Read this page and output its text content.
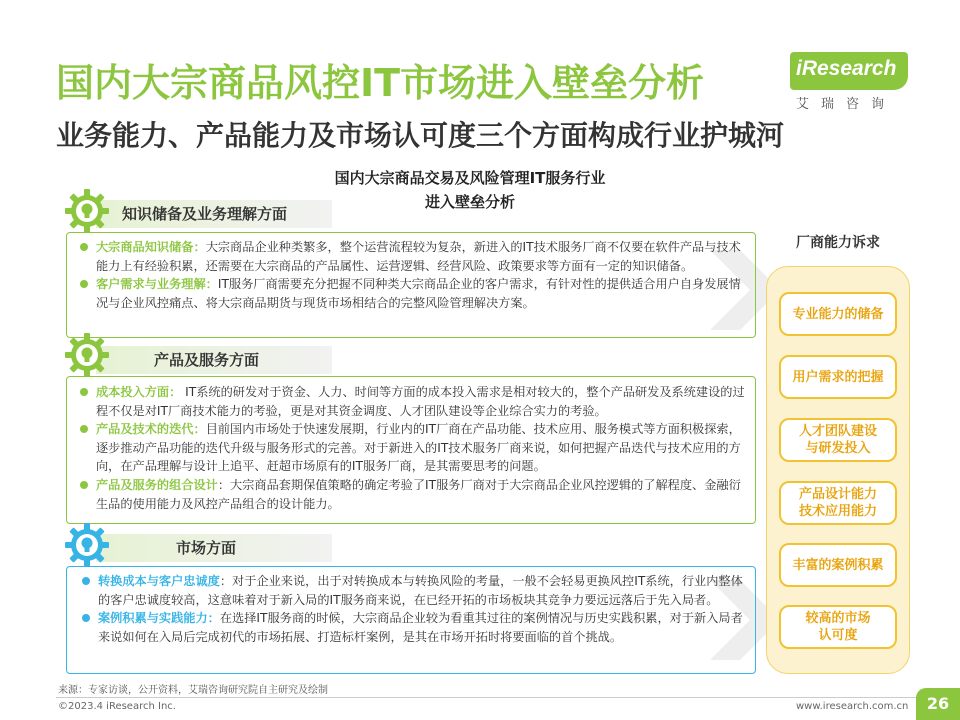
国内大宗商品风控IT市场进入壁垒分析
业务能力、产品能力及市场认可度三个方面构成行业护城河
iResearch
艾瑞咨询
国内大宗商品交易及风险管理IT服务行业
进入壁垒分析
知识储备及业务理解方面
大宗商品知识储备：大宗商品企业种类繁多，整个运营流程较为复杂，新进入的IT技术服务厂商不仅要在软件产品与技术能力上有经验积累，还需要在大宗商品的产品属性、运营逻辑、经营风险、政策要求等方面有一定的知识储备。
客户需求与业务理解：IT服务厂商需要充分把握不同种类大宗商品企业的客户需求，有针对性的提供适合用户自身发展情况与企业风控痛点、将大宗商品期货与现货市场相结合的完整风险管理解决方案。
产品及服务方面
成本投入方面： IT系统的研发对于资金、人力、时间等方面的成本投入需求是相对较大的，整个产品研发及系统建设的过程不仅是对IT厂商技术能力的考验，更是对其资金调度、人才团队建设等企业综合实力的考验。
产品及技术的迭代：目前国内市场处于快速发展期，行业内的IT厂商在产品功能、技术应用、服务模式等方面积极探索，逐步推动产品功能的迭代升级与服务形式的完善。对于新进入的IT技术服务厂商来说，如何把握产品迭代与技术应用的方向，在产品理解与设计上追平、赶超市场原有的IT服务厂商，是其需要思考的问题。
产品及服务的组合设计：大宗商品套期保值策略的确定考验了IT服务厂商对于大宗商品企业风控逻辑的了解程度、金融衍生品的使用能力及风控产品组合的设计能力。
市场方面
转换成本与客户忠诚度：对于企业来说，出于对转换成本与转换风险的考量，一般不会轻易更换风控IT系统，行业内整体的客户忠诚度较高，这意味着对于新入局的IT服务商来说，在已经开拓的市场板块其竞争力要远远落后于先入局者。
案例积累与实践能力：在选择IT服务商的时候，大宗商品企业较为看重其过往的案例情况与历史实践积累，对于新入局者来说如何在入局后完成初代的市场拓展、打造标杆案例，是其在市场开拓时将要面临的首个挑战。
厂商能力诉求
专业能力的储备
用户需求的把握
人才团队建设
与研发投入
产品设计能力
技术应用能力
丰富的案例积累
较高的市场
认可度
来源：专家访谈，公开资料，艾瑞咨询研究院自主研究及绘制
©2023.4 iResearch Inc.	www.iresearch.com.cn	26
